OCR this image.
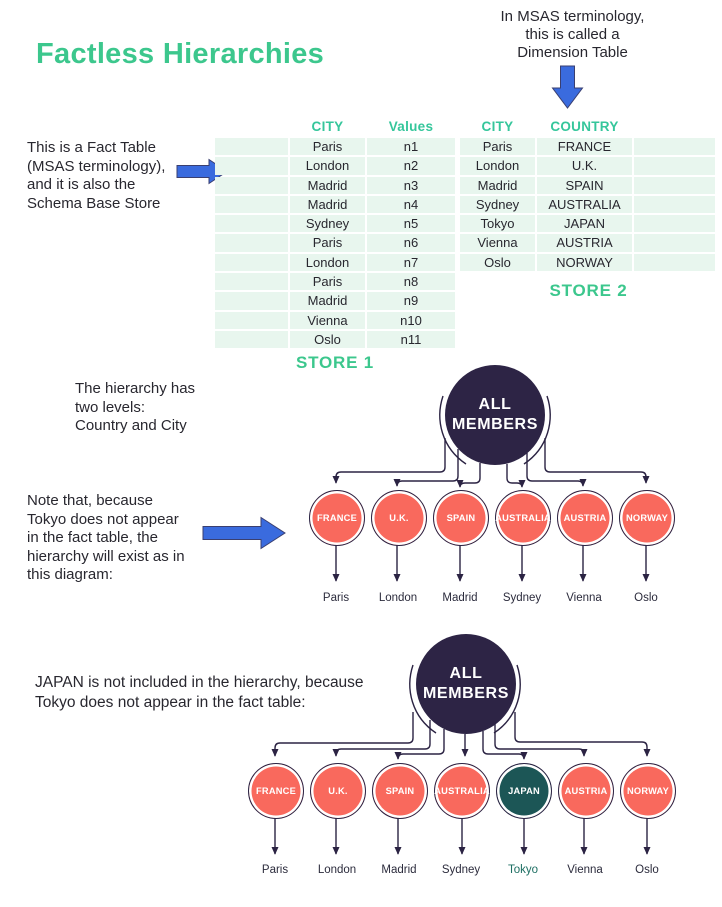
Factless Hierarchies
This is a Fact Table
(MSAS terminology),
and it is also the
Schema Base Store
In MSAS terminology,
this is called a
Dimension Table
The hierarchy has
two levels:
Country and City
Note that, because
Tokyo does not appear
in the fact table, the
hierarchy will exist as in
this diagram:
JAPAN is not included in the hierarchy, because
Tokyo does not appear in the fact table:
CITY	Values
Paris	n1
London	n2
Madrid	n3
Madrid	n4
Sydney	n5
Paris	n6
London	n7
Paris	n8
Madrid	n9
Vienna	n10
Oslo	n11
STORE 1
CITY	COUNTRY
Paris	FRANCE
London	U.K.
Madrid	SPAIN
Sydney	AUSTRALIA
Tokyo	JAPAN
Vienna	AUSTRIA
Oslo	NORWAY
STORE 2
ALL
MEMBERS
FRANCE	U.K.	SPAIN AUSTRALIA AUSTRIA NORWAY
Paris	London Madrid Sydney Vienna	Oslo
ALL
MEMBERS
FRANCE	U.K.	SPAIN AUSTRALIA JAPAN	AUSTRIA NORWAY
Paris	London Madrid Sydney Tokyo	Vienna	Oslo
